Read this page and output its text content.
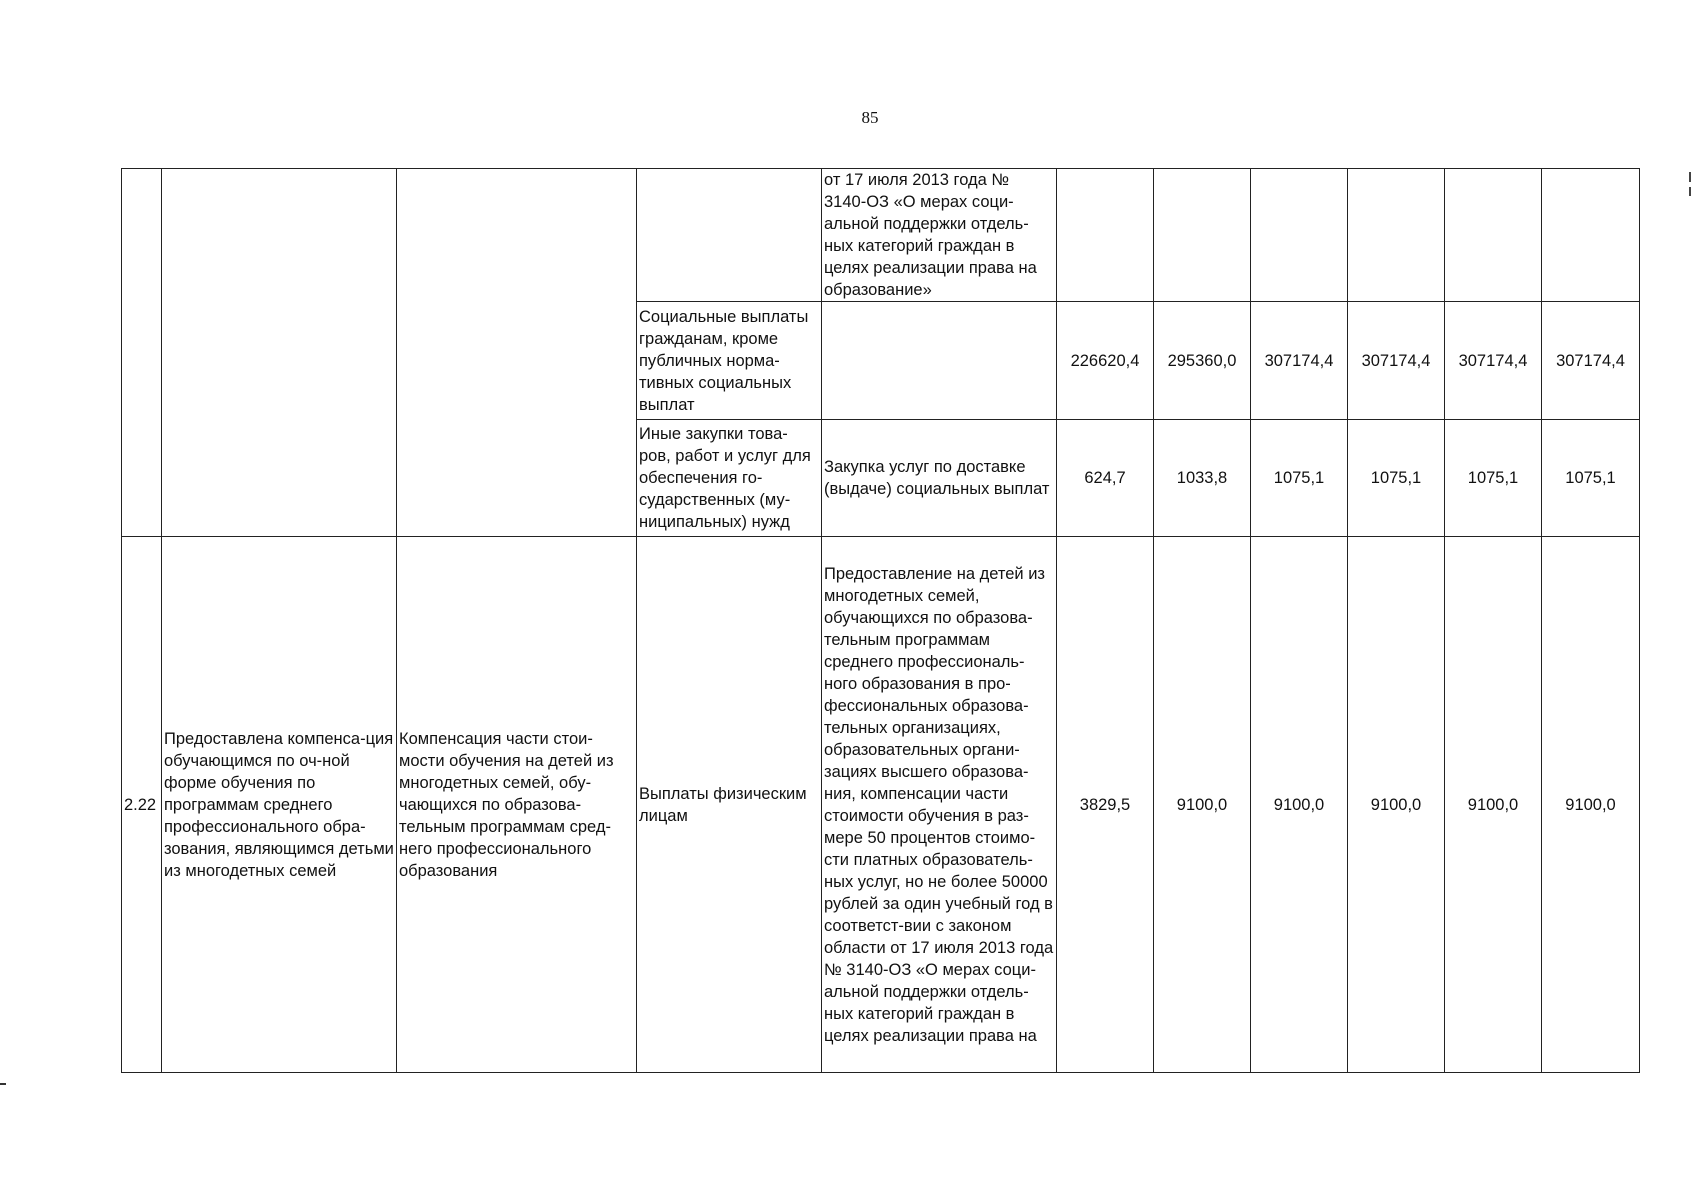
85
				от 17 июля 2013 года № 3140-ОЗ «О мерах соци-альной поддержки отдель-ных категорий граждан в целях реализации права на образование»						
			Социальные выплаты гражданам, кроме публичных норма-тивных социальных выплат		226620,4	295360,0	307174,4	307174,4	307174,4	307174,4
			Иные закупки това-ров, работ и услуг для обеспечения го-сударственных (му-ниципальных) нужд	Закупка услуг по доставке (выдаче) социальных выплат	624,7	1033,8	1075,1	1075,1	1075,1	1075,1
2.22	Предоставлена компенса-ция обучающимся по оч-ной форме обучения по программам среднего профессионального обра-зования, являющимся детьми из многодетных семей	Компенсация части стои-мости обучения на детей из многодетных семей, обу-чающихся по образова-тельным программам сред-него профессионального образования	Выплаты физическим лицам	Предоставление на детей из многодетных семей, обучающихся по образова-тельным программам среднего профессиональ-ного образования в про-фессиональных образова-тельных организациях, образовательных органи-зациях высшего образова-ния, компенсации части стоимости обучения в раз-мере 50 процентов стоимо-сти платных образователь-ных услуг, но не более 50000 рублей за один учебный год в соответст-вии с законом области от 17 июля 2013 года № 3140-ОЗ «О мерах соци-альной поддержки отдель-ных категорий граждан в целях реализации права на	3829,5	9100,0	9100,0	9100,0	9100,0	9100,0
